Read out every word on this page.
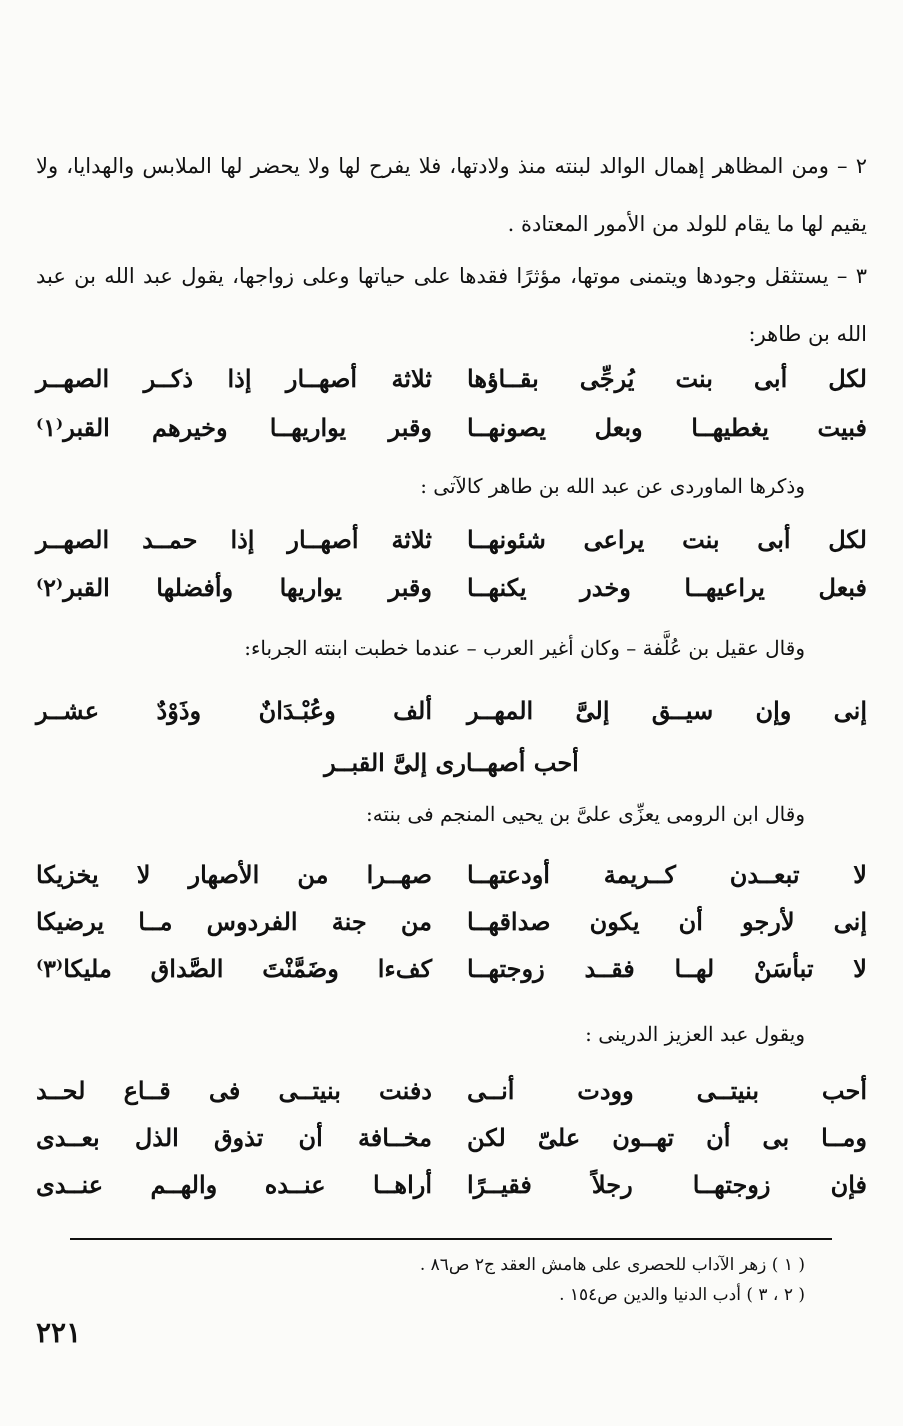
٢ – ومن المظاهر إهمال الوالد لبنته منذ ولادتها، فلا يفرح لها ولا يحضر لها الملابس والهدايا، ولا يقيم لها ما يقام للولد من الأمور المعتادة .
٣ – يستثقل وجودها ويتمنى موتها، مؤثرًا فقدها على حياتها وعلى زواجها، يقول عبد الله بن عبد الله بن طاهر:
لكل أبى بنت يُرجِّى بقــاؤها
ثلاثة أصهــار إذا ذكــر الصهــر
فبيت يغطيهــا وبعل يصونهــا
وقبر يواريهــا وخيرهم القبر⁽١⁾
وذكرها الماوردى عن عبد الله بن طاهر كالآتى :
لكل أبى بنت يراعى شئونهــا
ثلاثة أصهــار إذا حمــد الصهــر
فبعل يراعيهــا وخدر يكنهــا
وقبر يواريها وأفضلها القبر⁽٢⁾
وقال عقيل بن عُلَّفة – وكان أغير العرب – عندما خطبت ابنته الجرباء:
إنى وإن سيــق إلىَّ المهــر
ألف وعُبْـدَانٌ وذَوْدٌ عشــر
أحب أصهــارى إلىَّ القبــر
وقال ابن الرومى يعزِّى علىَّ بن يحيى المنجم فى بنته:
لا تبعــدن كــريمة أودعتهــا
صهــرا من الأصهار لا يخزيكا
إنى لأرجو أن يكون صداقهــا
من جنة الفردوس مــا يرضيكا
لا تبأسَنْ لهــا فقــد زوجتهــا
كفءا وضَمَّنْتَ الصَّداق مليكا⁽٣⁾
ويقول عبد العزيز الدرينى :
أحب بنيتــى وودت أنــى
دفنت بنيتــى فى قــاع لحــد
ومــا بى أن تهــون علىّ لكن
مخــافة أن تذوق الذل بعــدى
فإن زوجتهــا رجلاً فقيــرًا
أراهــا عنــده والهــم عنــدى
( ١ ) زهر الآداب للحصرى على هامش العقد ج٢ ص٨٦ .
( ٢ ، ٣ ) أدب الدنيا والدين ص١٥٤ .
٢٢١
